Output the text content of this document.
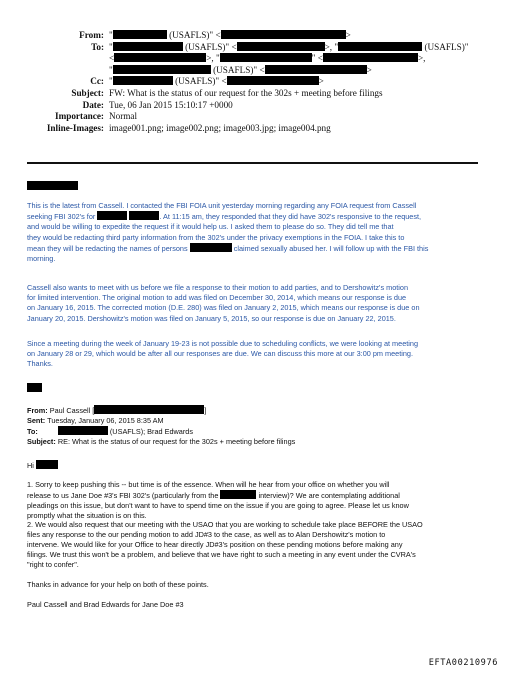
From: "	(USAFLS)" <	>
To: "	(USAFLS)" <	>, "	(USAFLS)"
<	>, "	" <	>,
"	(USAFLS)" <	>
Cc: "	(USAFLS)" <	>
Subject: FW: What is the status of our request for the 302s + meeting before filings
Date: Tue, 06 Jan 2015 15:10:17 +0000
Importance: Normal
Inline-Images: image001.png; image002.png; image003.jpg; image004.png

This is the latest from Cassell. I contacted the FBI FOIA unit yesterday morning regarding any FOIA request from Cassell

seeking FBI 302's for	. At 11:15 am, they responded that they did have 302's responsive to the request,

and would be willing to expedite the request if it would help us. I asked them to please do so. They did tell me that

they would be redacting third party information from the 302's under the privacy exemptions in the FOIA. I take this to

mean they will be redacting the names of persons	claimed sexually abused her. I will follow up with the FBI this

morning.

Cassell also wants to meet with us before we file a response to their motion to add parties, and to Dershowitz's motion

for limited intervention. The original motion to add was filed on December 30, 2014, which means our response is due

on January 16, 2015. The corrected motion (D.E. 280) was filed on January 2, 2015, which means our response is due on

January 20, 2015. Dershowitz's motion was filed on January 5, 2015, so our response is due on January 22, 2015.

Since a meeting during the week of January 19-23 is not possible due to scheduling conflicts, we were looking at meeting

on January 28 or 29, which would be after all our responses are due. We can discuss this more at our 3:00 pm meeting.

Thanks.

From: Paul Cassell [	]

Sent: Tuesday, January 06, 2015 8:35 AM

To:	(USAFLS); Brad Edwards

Subject: RE: What is the status of our request for the 302s + meeting before filings

Hi

1. Sorry to keep pushing this -- but time is of the essence. When will he hear from your office on whether you will

release to us Jane Doe #3's FBI 302's (particularly from the	interview)? We are contemplating additional

pleadings on this issue, but don't want to have to spend time on the issue if you are going to agree. Please let us know

promptly what the situation is on this.

2. We would also request that our meeting with the USAO that you are working to schedule take place BEFORE the USAO

files any response to the our pending motion to add JD#3 to the case, as well as to Alan Dershowitz's motion to

intervene. We would like for your Office to hear directly JD#3's position on these pending motions before making any

filings. We trust this won't be a problem, and believe that we have right to such a meeting in any event under the CVRA's

"right to confer".

Thanks in advance for your help on both of these points.

Paul Cassell and Brad Edwards for Jane Doe #3

EFTA00210976
